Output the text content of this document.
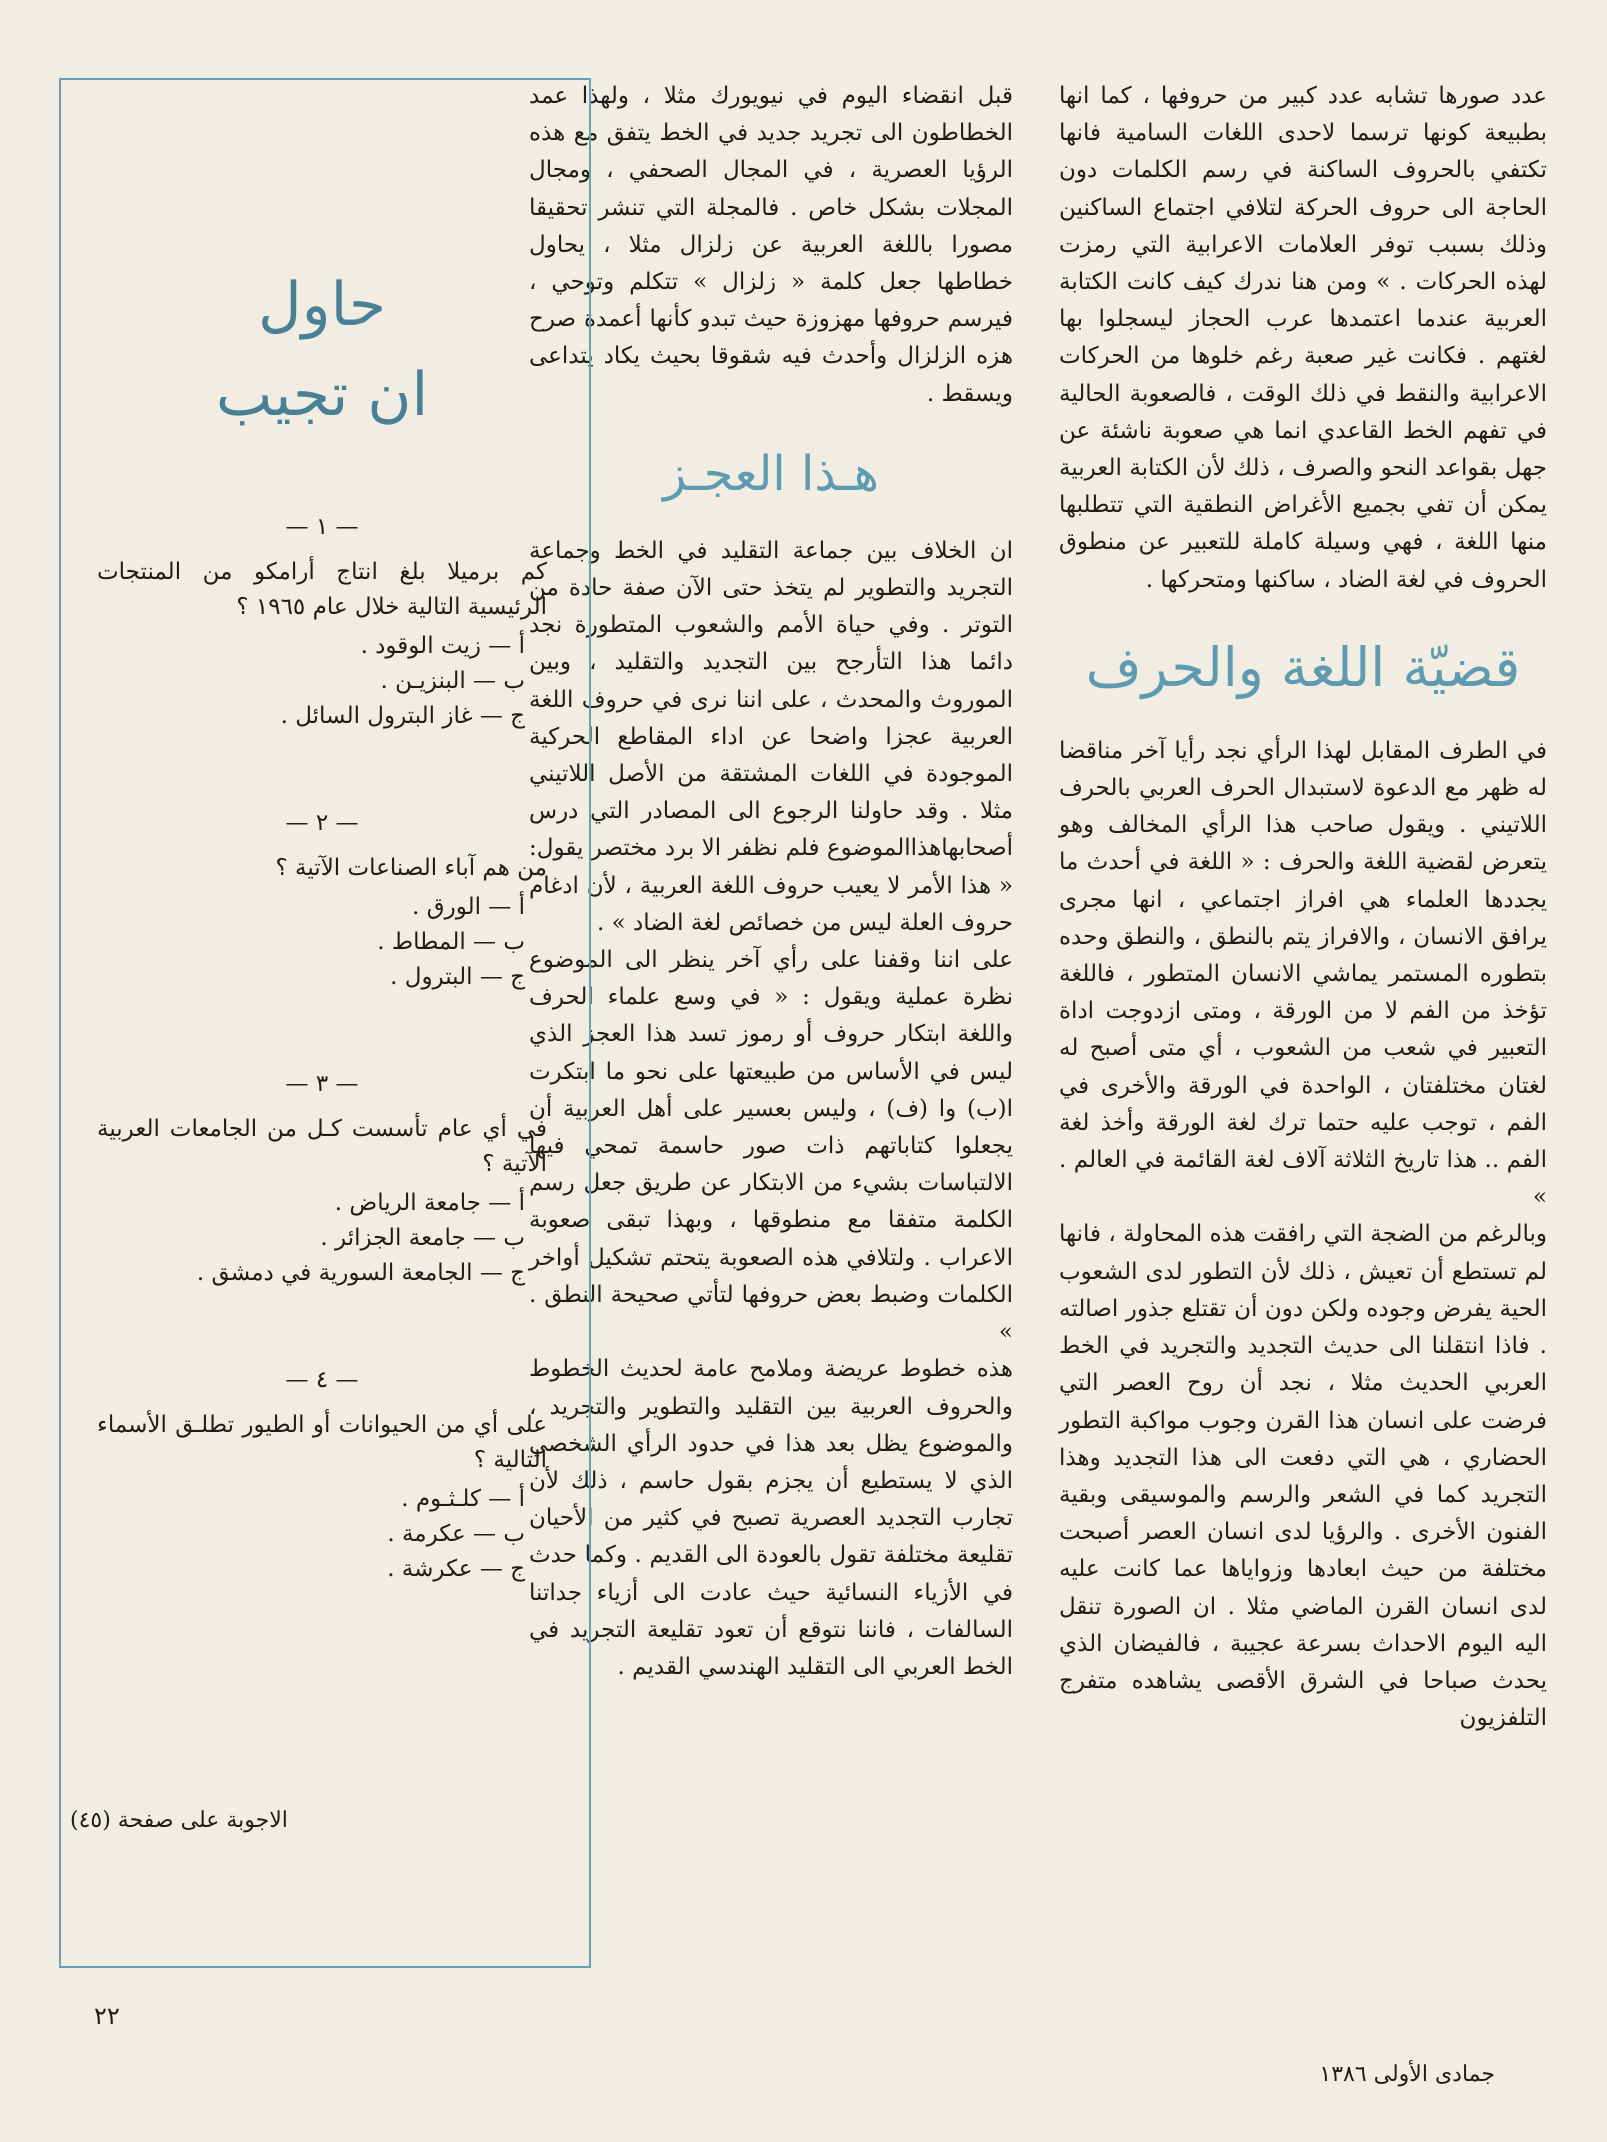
عدد صورها تشابه عدد كبير من حروفها ، كما انها بطبيعة كونها ترسما لاحدى اللغات السامية فانها تكتفي بالحروف الساكنة في رسم الكلمات دون الحاجة الى حروف الحركة لتلافي اجتماع الساكنين وذلك بسبب توفر العلامات الاعرابية التي رمزت لهذه الحركات . » ومن هنا ندرك كيف كانت الكتابة العربية عندما اعتمدها عرب الحجاز ليسجلوا بها لغتهم . فكانت غير صعبة رغم خلوها من الحركات الاعرابية والنقط في ذلك الوقت ، فالصعوبة الحالية في تفهم الخط القاعدي انما هي صعوبة ناشئة عن جهل بقواعد النحو والصرف ، ذلك لأن الكتابة العربية يمكن أن تفي بجميع الأغراض النطقية التي تتطلبها منها اللغة ، فهي وسيلة كاملة للتعبير عن منطوق الحروف في لغة الضاد ، ساكنها ومتحركها .

قضيّة اللغة والحرف

في الطرف المقابل لهذا الرأي نجد رأيا آخر مناقضا له ظهر مع الدعوة لاستبدال الحرف العربي بالحرف اللاتيني . ويقول صاحب هذا الرأي المخالف وهو يتعرض لقضية اللغة والحرف : « اللغة في أحدث ما يجددها العلماء هي افراز اجتماعي ، انها مجرى يرافق الانسان ، والافراز يتم بالنطق ، والنطق وحده بتطوره المستمر يماشي الانسان المتطور ، فاللغة تؤخذ من الفم لا من الورقة ، ومتى ازدوجت اداة التعبير في شعب من الشعوب ، أي متى أصبح له لغتان مختلفتان ، الواحدة في الورقة والأخرى في الفم ، توجب عليه حتما ترك لغة الورقة وأخذ لغة الفم .. هذا تاريخ الثلاثة آلاف لغة القائمة في العالم . »

وبالرغم من الضجة التي رافقت هذه المحاولة ، فانها لم تستطع أن تعيش ، ذلك لأن التطور لدى الشعوب الحية يفرض وجوده ولكن دون أن تقتلع جذور اصالته . فاذا انتقلنا الى حديث التجديد والتجريد في الخط العربي الحديث مثلا ، نجد أن روح العصر التي فرضت على انسان هذا القرن وجوب مواكبة التطور الحضاري ، هي التي دفعت الى هذا التجديد وهذا التجريد كما في الشعر والرسم والموسيقى وبقية الفنون الأخرى . والرؤيا لدى انسان العصر أصبحت مختلفة من حيث ابعادها وزواياها عما كانت عليه لدى انسان القرن الماضي مثلا . ان الصورة تنقل اليه اليوم الاحداث بسرعة عجيبة ، فالفيضان الذي يحدث صباحا في الشرق الأقصى يشاهده متفرج التلفزيون

قبل انقضاء اليوم في نيويورك مثلا ، ولهذا عمد الخطاطون الى تجريد جديد في الخط يتفق مع هذه الرؤيا العصرية ، في المجال الصحفي ، ومجال المجلات بشكل خاص . فالمجلة التي تنشر تحقيقا مصورا باللغة العربية عن زلزال مثلا ، يحاول خطاطها جعل كلمة « زلزال » تتكلم وتوحي ، فيرسم حروفها مهزوزة حيث تبدو كأنها أعمدة صرح هزه الزلزال وأحدث فيه شقوقا بحيث يكاد يتداعى ويسقط .

هـذا العجـز

ان الخلاف بين جماعة التقليد في الخط وجماعة التجريد والتطوير لم يتخذ حتى الآن صفة حادة من التوتر . وفي حياة الأمم والشعوب المتطورة نجد دائما هذا التأرجح بين التجديد والتقليد ، وبين الموروث والمحدث ، على اننا نرى في حروف اللغة العربية عجزا واضحا عن اداء المقاطع الحركية الموجودة في اللغات المشتقة من الأصل اللاتيني مثلا . وقد حاولنا الرجوع الى المصادر التي درس أصحابهاهذاالموضوع فلم نظفر الا برد مختصر يقول: « هذا الأمر لا يعيب حروف اللغة العربية ، لأن ادغام حروف العلة ليس من خصائص لغة الضاد » .

على اننا وقفنا على رأي آخر ينظر الى الموضوع نظرة عملية ويقول : « في وسع علماء الحرف واللغة ابتكار حروف أو رموز تسد هذا العجز الذي ليس في الأساس من طبيعتها على نحو ما ابتكرت ا(ب) وا (ف) ، وليس بعسير على أهل العربية أن يجعلوا كتاباتهم ذات صور حاسمة تمحي فيها الالتباسات بشيء من الابتكار عن طريق جعل رسم الكلمة متفقا مع منطوقها ، وبهذا تبقى صعوبة الاعراب . ولتلافي هذه الصعوبة يتحتم تشكيل أواخر الكلمات وضبط بعض حروفها لتأتي صحيحة النطق . »

هذه خطوط عريضة وملامح عامة لحديث الخطوط والحروف العربية بين التقليد والتطوير والتجريد ، والموضوع يظل بعد هذا في حدود الرأي الشخصي الذي لا يستطيع أن يجزم بقول حاسم ، ذلك لأن تجارب التجديد العصرية تصبح في كثير من الأحيان تقليعة مختلفة تقول بالعودة الى القديم . وكما حدث في الأزياء النسائية حيث عادت الى أزياء جداتنا السالفات ، فاننا نتوقع أن تعود تقليعة التجريد في الخط العربي الى التقليد الهندسي القديم .

حاول
ان تجيب
— ١ —
كم برميلا بلغ انتاج أرامكو من المنتجات الرئيسية التالية خلال عام ١٩٦٥ ؟
أ — زيت الوقود .
ب — البنزيـن .
ج — غاز البترول السائل .
— ٢ —
من هم آباء الصناعات الآتية ؟
أ — الورق .
ب — المطاط .
ج — البترول .
— ٣ —
في أي عام تأسست كـل من الجامعات العربية الآتية ؟
أ — جامعة الرياض .
ب — جامعة الجزائر .
ج — الجامعة السورية في دمشق .
— ٤ —
على أي من الحيوانات أو الطيور تطلـق الأسماء التالية ؟
أ — كلـثـوم .
ب — عكرمة .
ج — عكرشة .
الاجوبة على صفحة (٤٥)
٢٢
جمادى الأولى ١٣٨٦
